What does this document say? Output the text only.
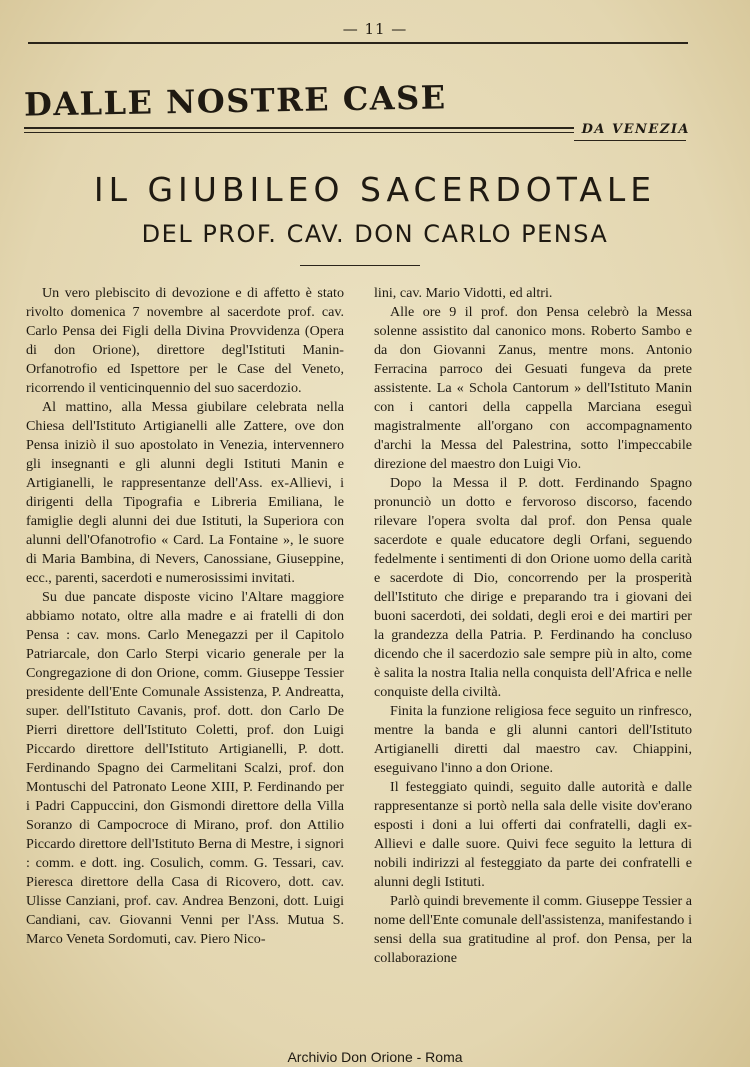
— 11 —
DALLE NOSTRE CASE
DA VENEZIA
IL GIUBILEO SACERDOTALE
DEL PROF. CAV. DON CARLO PENSA

Un vero plebiscito di devozione e di affetto è stato rivolto domenica 7 novembre al sacerdote prof. cav. Carlo Pensa dei Figli della Divina Provvidenza (Opera di don Orione), direttore degl'Istituti Manin-Orfanotrofio ed Ispettore per le Case del Veneto, ricorrendo il venticinquennio del suo sacerdozio.

Al mattino, alla Messa giubilare celebrata nella Chiesa dell'Istituto Artigianelli alle Zattere, ove don Pensa iniziò il suo apostolato in Venezia, intervennero gli insegnanti e gli alunni degli Istituti Manin e Artigianelli, le rappresentanze dell'Ass. ex-Allievi, i dirigenti della Tipografia e Libreria Emiliana, le famiglie degli alunni dei due Istituti, la Superiora con alunni dell'Ofanotrofio « Card. La Fontaine », le suore di Maria Bambina, di Nevers, Canossiane, Giuseppine, ecc., parenti, sacerdoti e numerosissimi invitati.

Su due pancate disposte vicino l'Altare maggiore abbiamo notato, oltre alla madre e ai fratelli di don Pensa : cav. mons. Carlo Menegazzi per il Capitolo Patriarcale, don Carlo Sterpi vicario generale per la Congregazione di don Orione, comm. Giuseppe Tessier presidente dell'Ente Comunale Assistenza, P. Andreatta, super. dell'Istituto Cavanis, prof. dott. don Carlo De Pierri direttore dell'Istituto Coletti, prof. don Luigi Piccardo direttore dell'Istituto Artigianelli, P. dott. Ferdinando Spagno dei Carmelitani Scalzi, prof. don Montuschi del Patronato Leone XIII, P. Ferdinando per i Padri Cappuccini, don Gismondi direttore della Villa Soranzo di Campocroce di Mirano, prof. don Attilio Piccardo direttore dell'Istituto Berna di Mestre, i signori : comm. e dott. ing. Cosulich, comm. G. Tessari, cav. Pieresca direttore della Casa di Ricovero, dott. cav. Ulisse Canziani, prof. cav. Andrea Benzoni, dott. Luigi Candiani, cav. Giovanni Venni per l'Ass. Mutua S. Marco Veneta Sordomuti, cav. Piero Nico-

lini, cav. Mario Vidotti, ed altri.

Alle ore 9 il prof. don Pensa celebrò la Messa solenne assistito dal canonico mons. Roberto Sambo e da don Giovanni Zanus, mentre mons. Antonio Ferracina parroco dei Gesuati fungeva da prete assistente. La « Schola Cantorum » dell'Istituto Manin con i cantori della cappella Marciana eseguì magistralmente all'organo con accompagnamento d'archi la Messa del Palestrina, sotto l'impeccabile direzione del maestro don Luigi Vio.

Dopo la Messa il P. dott. Ferdinando Spagno pronunciò un dotto e fervoroso discorso, facendo rilevare l'opera svolta dal prof. don Pensa quale sacerdote e quale educatore degli Orfani, seguendo fedelmente i sentimenti di don Orione uomo della carità e sacerdote di Dio, concorrendo per la prosperità dell'Istituto che dirige e preparando tra i giovani dei buoni sacerdoti, dei soldati, degli eroi e dei martiri per la grandezza della Patria. P. Ferdinando ha concluso dicendo che il sacerdozio sale sempre più in alto, come è salita la nostra Italia nella conquista dell'Africa e nelle conquiste della civiltà.

Finita la funzione religiosa fece seguito un rinfresco, mentre la banda e gli alunni cantori dell'Istituto Artigianelli diretti dal maestro cav. Chiappini, eseguivano l'inno a don Orione.

Il festeggiato quindi, seguito dalle autorità e dalle rappresentanze si portò nella sala delle visite dov'erano esposti i doni a lui offerti dai confratelli, dagli ex-Allievi e dalle suore. Quivi fece seguito la lettura di nobili indirizzi al festeggiato da parte dei confratelli e alunni degli Istituti.

Parlò quindi brevemente il comm. Giuseppe Tessier a nome dell'Ente comunale dell'assistenza, manifestando i sensi della sua gratitudine al prof. don Pensa, per la collaborazione

Archivio Don Orione - Roma
